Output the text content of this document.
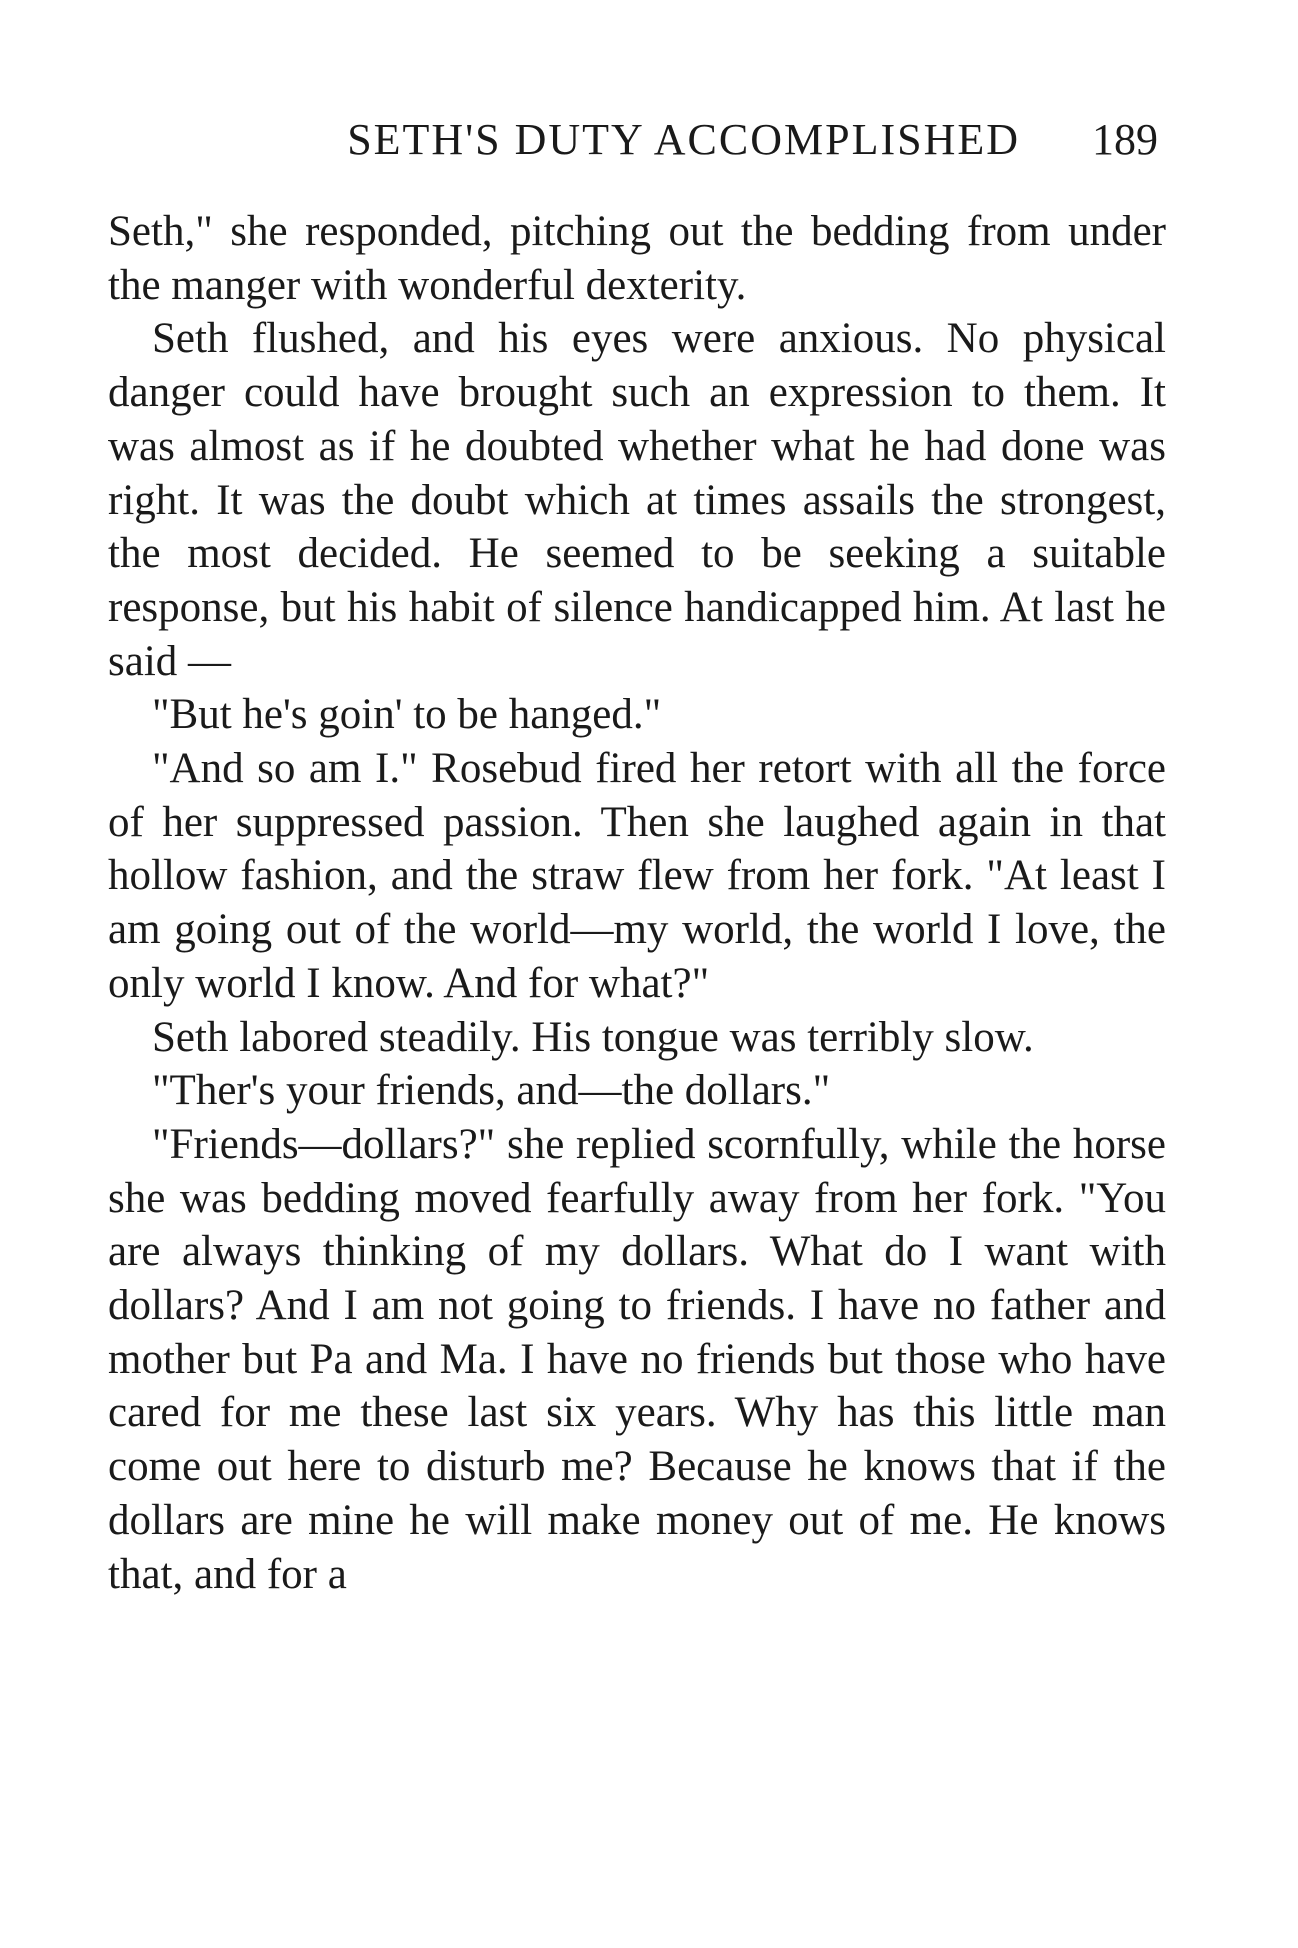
SETH'S DUTY ACCOMPLISHED 189

Seth," she responded, pitching out the bedding from under the manger with wonderful dexterity.

Seth flushed, and his eyes were anxious. No physical danger could have brought such an expression to them. It was almost as if he doubted whether what he had done was right. It was the doubt which at times assails the strongest, the most decided. He seemed to be seeking a suitable response, but his habit of silence handicapped him. At last he said —

"But he's goin' to be hanged."

"And so am I." Rosebud fired her retort with all the force of her suppressed passion. Then she laughed again in that hollow fashion, and the straw flew from her fork. "At least I am going out of the world—my world, the world I love, the only world I know. And for what?"

Seth labored steadily. His tongue was terribly slow.

"Ther's your friends, and—the dollars."

"Friends—dollars?" she replied scornfully, while the horse she was bedding moved fearfully away from her fork. "You are always thinking of my dollars. What do I want with dollars? And I am not going to friends. I have no father and mother but Pa and Ma. I have no friends but those who have cared for me these last six years. Why has this little man come out here to disturb me? Because he knows that if the dollars are mine he will make money out of me. He knows that, and for a
